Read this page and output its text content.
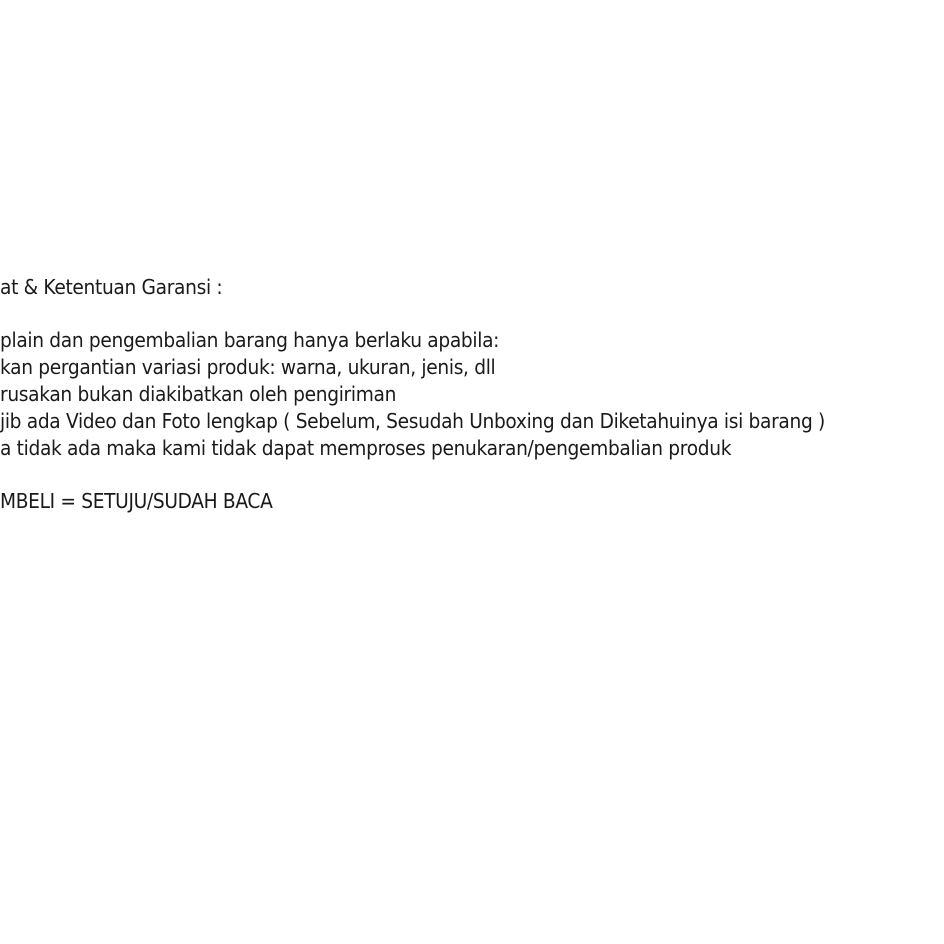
at & Ketentuan Garansi :
plain dan pengembalian barang hanya berlaku apabila:
kan pergantian variasi produk: warna, ukuran, jenis, dll
rusakan bukan diakibatkan oleh pengiriman
jib ada Video dan Foto lengkap ( Sebelum, Sesudah Unboxing dan Diketahuinya isi barang )
a tidak ada maka kami tidak dapat memproses penukaran/pengembalian produk
MBELI = SETUJU/SUDAH BACA
